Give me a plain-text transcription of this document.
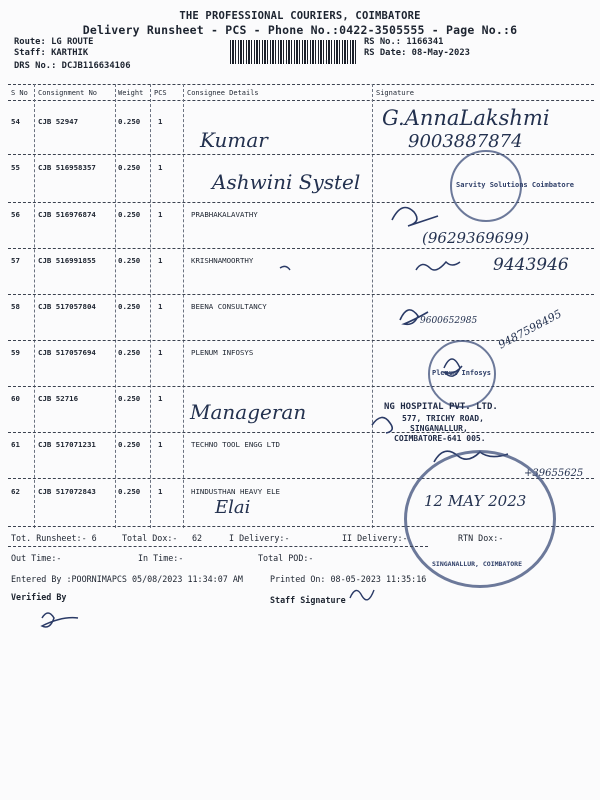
THE PROFESSIONAL COURIERS, COIMBATORE
Delivery Runsheet - PCS - Phone No.:0422-3505555 - Page No.:6
Route: LG ROUTE
Staff: KARTHIK
DRS No.: DCJB116634106
RS No.: 1166341
RS Date: 08-May-2023
S No Consignment No	Weight PCS	Consignee Details	Signature
54 CJB 52947	0.250 1
55 CJB 516958357	0.250 1
56 CJB 516976874	0.250 1	PRABHAKALAVATHY
57 CJB 516991855	0.250 1	KRISHNAMOORTHY
58 CJB 517057804	0.250 1	BEENA CONSULTANCY
59 CJB 517057694	0.250 1	PLENUM INFOSYS
60 CJB 52716	0.250 1
61 CJB 517071231	0.250 1	TECHNO TOOL ENGG LTD
62 CJB 517072843	0.250 1	HINDUSTHAN HEAVY ELE
Kumar
G.AnnaLakshmi
9003887874
Ashwini Systel
(9629369699)
9443946
9600652985 9487598495
Manageran
Elai	12 MAY 2023
+39655625
Sarvity Solutions Coimbatore
Plenum Infosys
NG HOSPITAL PVT. LTD.
577, TRICHY ROAD,
SINGANALLUR,
COIMBATORE-641 005.
SINGANALLUR, COIMBATORE
Tot. Runsheet:- 6	Total Dox:- 62	I Delivery:-	II Delivery:-	RTN Dox:-
Out Time:-	In Time:-	Total POD:-
Entered By :POORNIMAPCS 05/08/2023 11:34:07 AM	Printed On: 08-05-2023 11:35:16
Verified By	Staff Signature
